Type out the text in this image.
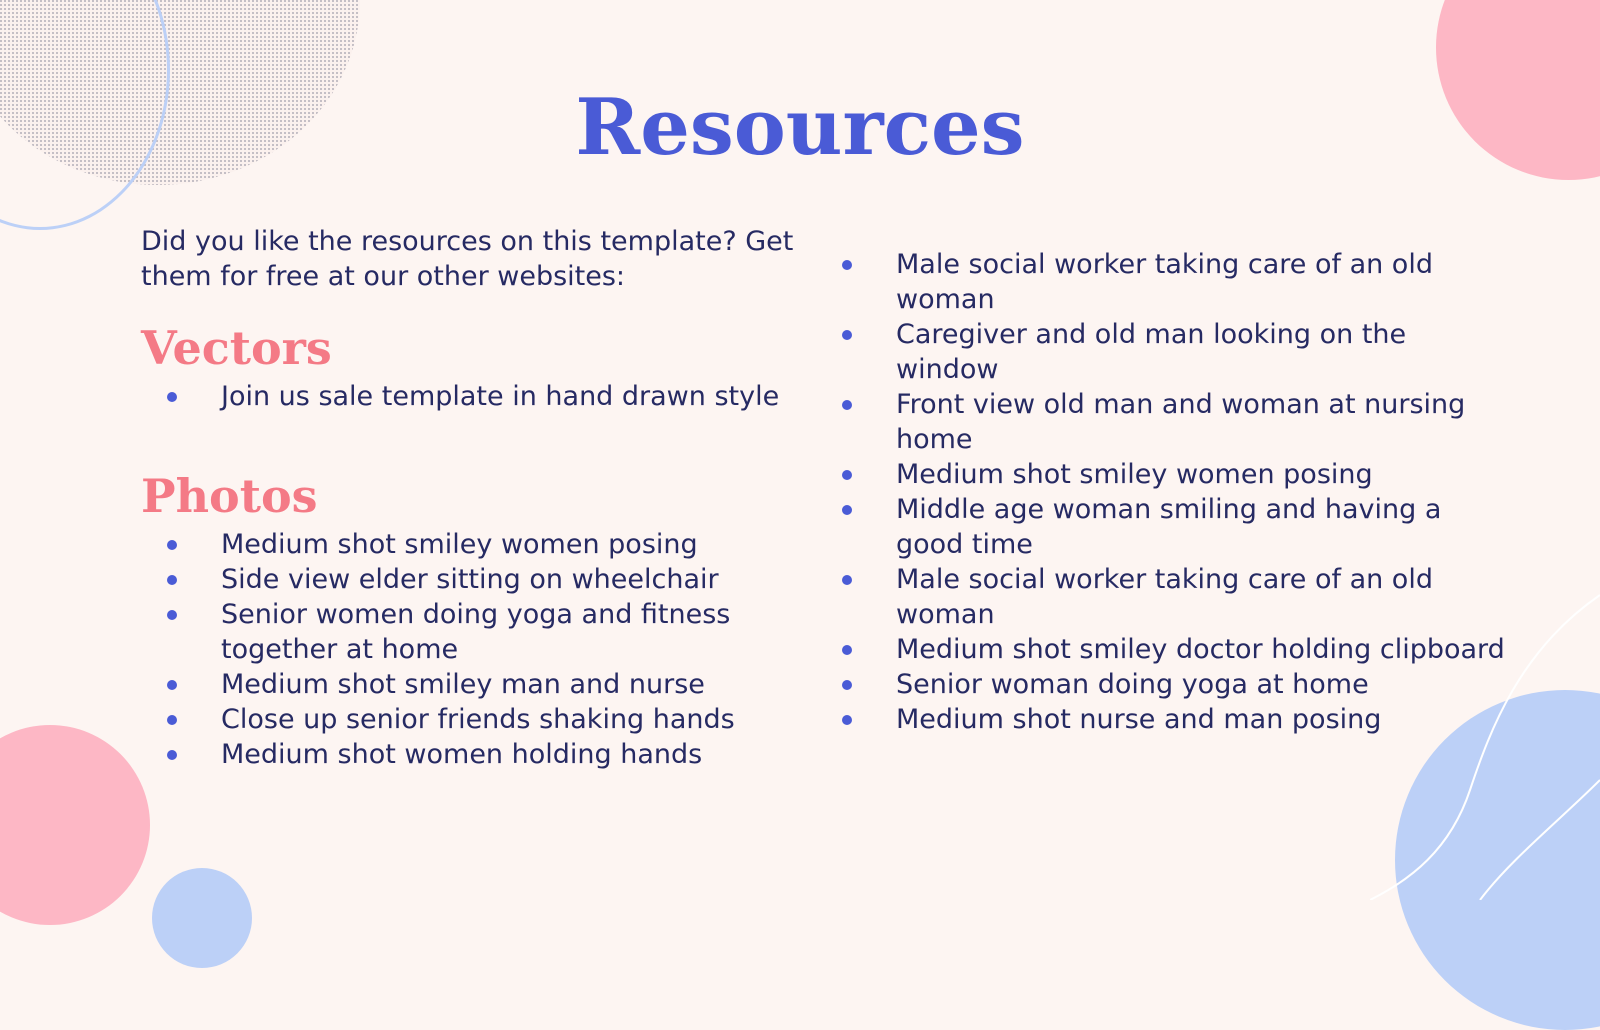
Resources

Did you like the resources on this template? Get them for free at our other websites:

Vectors
Join us sale template in hand drawn style
Photos
Medium shot smiley women posing
Side view elder sitting on wheelchair
Senior women doing yoga and fitness together at home
Medium shot smiley man and nurse
Close up senior friends shaking hands
Medium shot women holding hands
Male social worker taking care of an old woman
Caregiver and old man looking on the window
Front view old man and woman at nursing home
Medium shot smiley women posing
Middle age woman smiling and having a good time
Male social worker taking care of an old woman
Medium shot smiley doctor holding clipboard
Senior woman doing yoga at home
Medium shot nurse and man posing
